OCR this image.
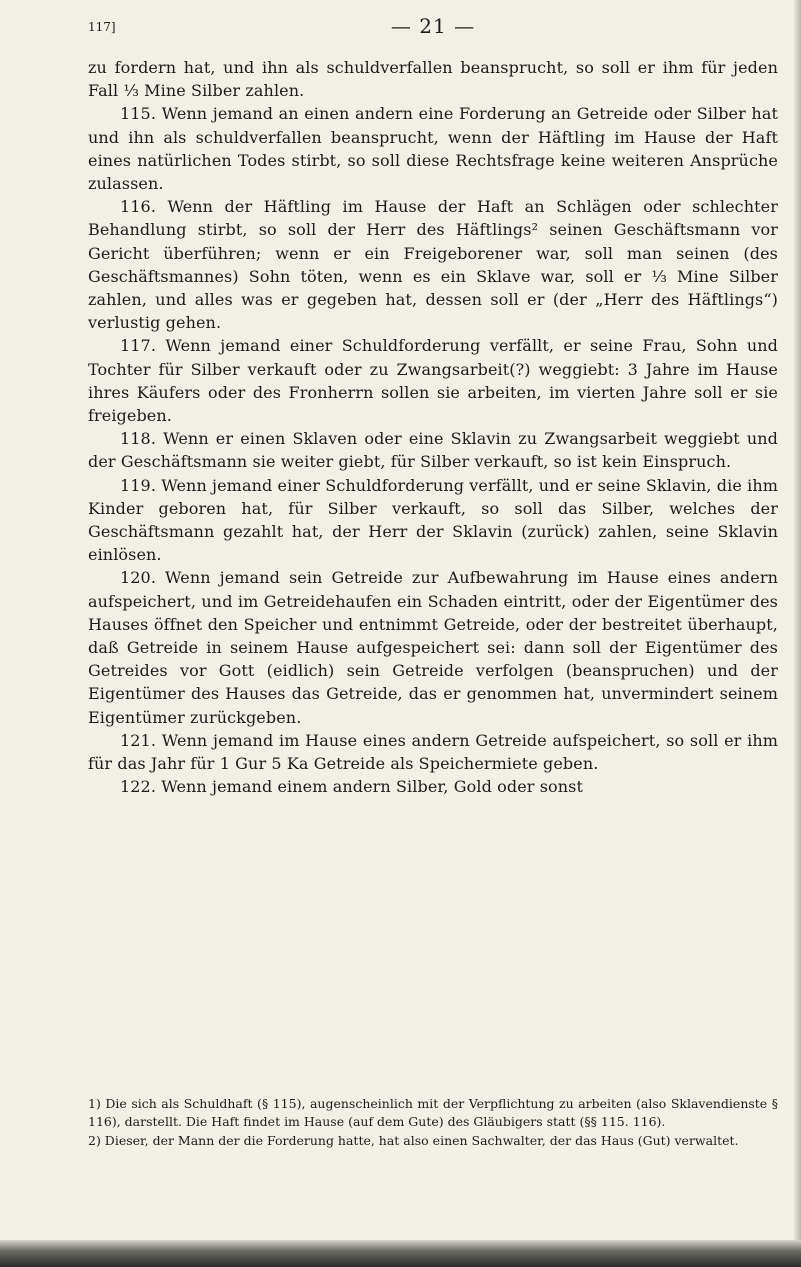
117]	— 21 —

zu fordern hat, und ihn als schuldverfallen beansprucht, so soll er ihm für jeden Fall ⅓ Mine Silber zahlen.

115. Wenn jemand an einen andern eine Forderung an Getreide oder Silber hat und ihn als schuldverfallen beansprucht, wenn der Häftling im Hause der Haft eines natürlichen Todes stirbt, so soll diese Rechtsfrage keine weiteren Ansprüche zulassen.

116. Wenn der Häftling im Hause der Haft an Schlägen oder schlechter Behandlung stirbt, so soll der Herr des Häftlings² seinen Geschäftsmann vor Gericht überführen; wenn er ein Freigeborener war, soll man seinen (des Geschäftsmannes) Sohn töten, wenn es ein Sklave war, soll er ⅓ Mine Silber zahlen, und alles was er gegeben hat, dessen soll er (der „Herr des Häftlings“) verlustig gehen.

117. Wenn jemand einer Schuldforderung verfällt, er seine Frau, Sohn und Tochter für Silber verkauft oder zu Zwangsarbeit(?) weggiebt: 3 Jahre im Hause ihres Käufers oder des Fronherrn sollen sie arbeiten, im vierten Jahre soll er sie freigeben.

118. Wenn er einen Sklaven oder eine Sklavin zu Zwangsarbeit weggiebt und der Geschäftsmann sie weiter giebt, für Silber verkauft, so ist kein Einspruch.

119. Wenn jemand einer Schuldforderung verfällt, und er seine Sklavin, die ihm Kinder geboren hat, für Silber verkauft, so soll das Silber, welches der Geschäftsmann gezahlt hat, der Herr der Sklavin (zurück) zahlen, seine Sklavin einlösen.

120. Wenn jemand sein Getreide zur Aufbewahrung im Hause eines andern aufspeichert, und im Getreidehaufen ein Schaden eintritt, oder der Eigentümer des Hauses öffnet den Speicher und entnimmt Getreide, oder der bestreitet überhaupt, daß Getreide in seinem Hause aufgespeichert sei: dann soll der Eigentümer des Getreides vor Gott (eidlich) sein Getreide verfolgen (beanspruchen) und der Eigentümer des Hauses das Getreide, das er genommen hat, unvermindert seinem Eigentümer zurückgeben.

121. Wenn jemand im Hause eines andern Getreide aufspeichert, so soll er ihm für das Jahr für 1 Gur 5 Ka Getreide als Speichermiete geben.

122. Wenn jemand einem andern Silber, Gold oder sonst

1) Die sich als Schuldhaft (§ 115), augenscheinlich mit der Verpflichtung zu arbeiten (also Sklavendienste § 116), darstellt. Die Haft findet im Hause (auf dem Gute) des Gläubigers statt (§§ 115. 116).

2) Dieser, der Mann der die Forderung hatte, hat also einen Sachwalter, der das Haus (Gut) verwaltet.
